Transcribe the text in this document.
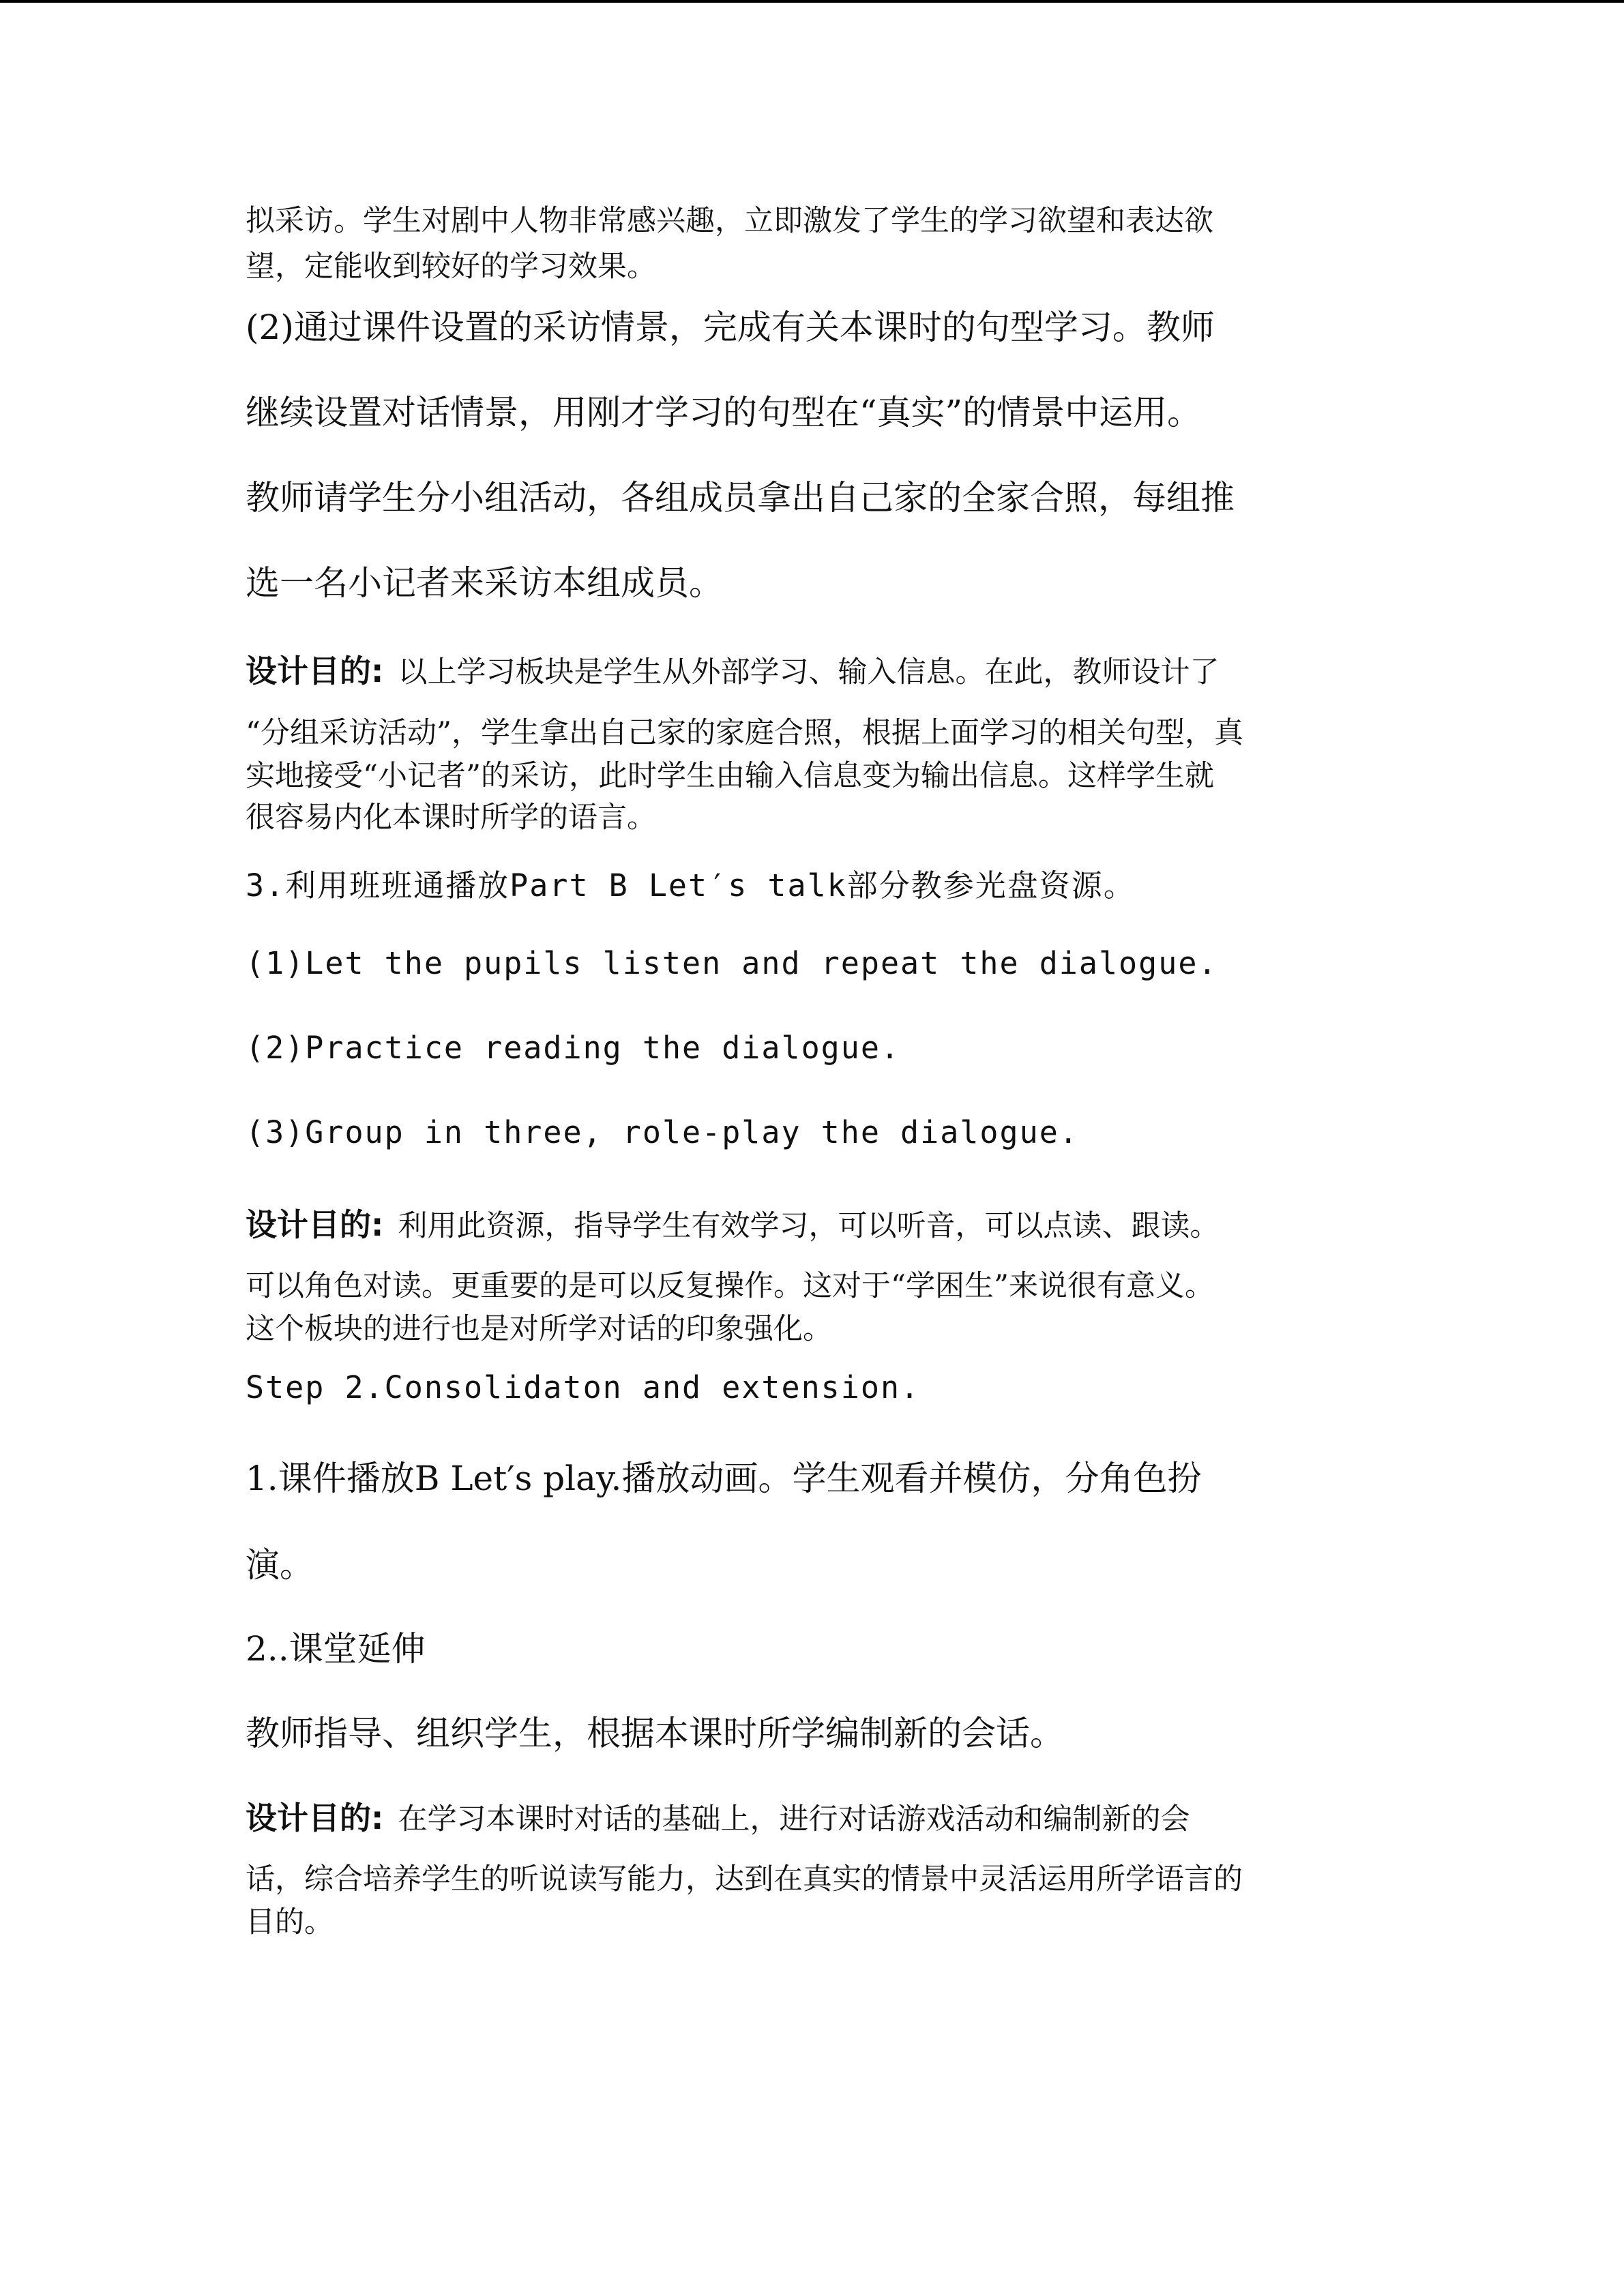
拟采访。学生对剧中人物非常感兴趣，立即激发了学生的学习欲望和表达欲
望，定能收到较好的学习效果。
(2)通过课件设置的采访情景，完成有关本课时的句型学习。教师
继续设置对话情景，用刚才学习的句型在“真实”的情景中运用。
教师请学生分小组活动，各组成员拿出自己家的全家合照，每组推
选一名小记者来采访本组成员。
设计目的: 以上学习板块是学生从外部学习、输入信息。在此，教师设计了
“分组采访活动”，学生拿出自己家的家庭合照，根据上面学习的相关句型，真
实地接受“小记者”的采访，此时学生由输入信息变为输出信息。这样学生就
很容易内化本课时所学的语言。
3.利用班班通播放Part B Let′s talk部分教参光盘资源。
(1)Let the pupils listen and repeat the dialogue.
(2)Practice reading the dialogue.
(3)Group in three, role-play the dialogue.
设计目的: 利用此资源，指导学生有效学习，可以听音，可以点读、跟读。
可以角色对读。更重要的是可以反复操作。这对于“学困生”来说很有意义。
这个板块的进行也是对所学对话的印象强化。
Step 2.Consolidaton and extension.
1.课件播放B Let′s play.播放动画。学生观看并模仿，分角色扮
演。
2..课堂延伸
教师指导、组织学生，根据本课时所学编制新的会话。
设计目的: 在学习本课时对话的基础上，进行对话游戏活动和编制新的会
话，综合培养学生的听说读写能力，达到在真实的情景中灵活运用所学语言的
目的。
